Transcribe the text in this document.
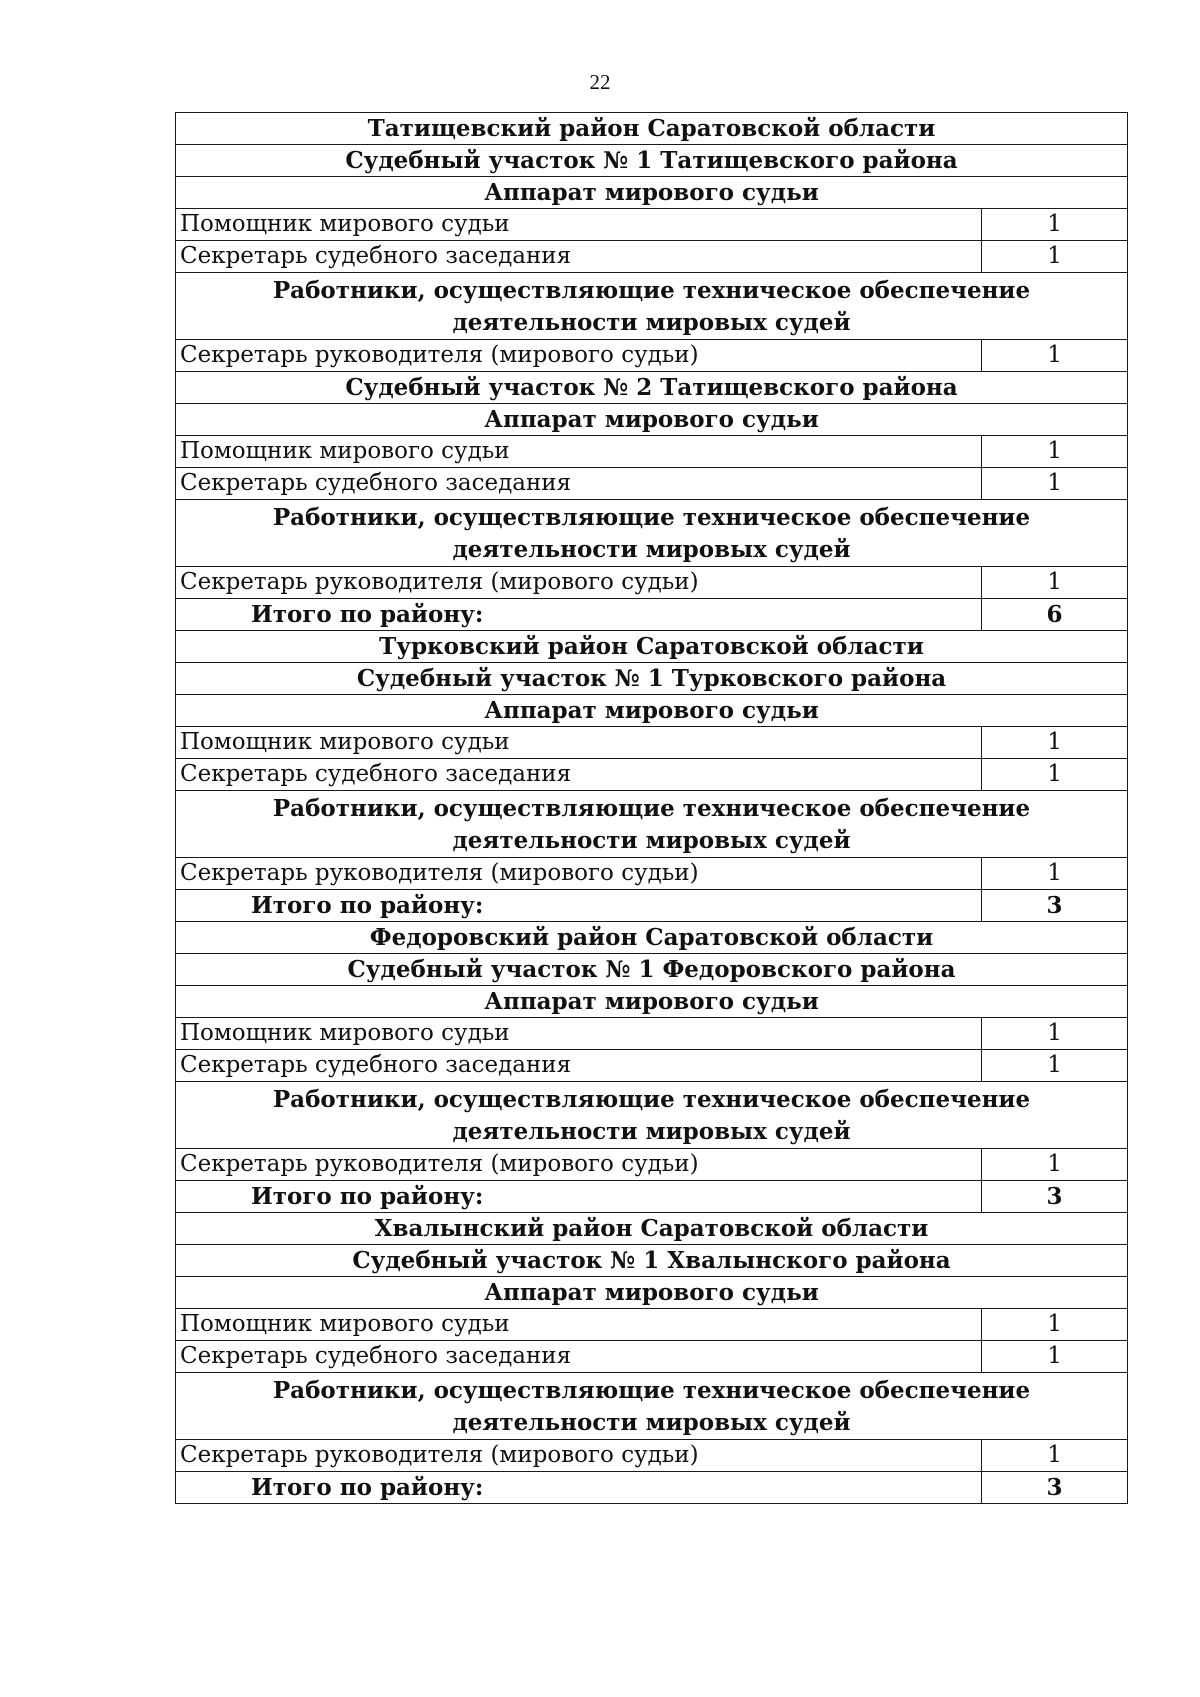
22
Татищевский район Саратовской области	
Судебный участок № 1 Татищевского района	
Аппарат мирового судьи	
Помощник мирового судьи	1
Секретарь судебного заседания	1
Работники, осуществляющие техническое обеспечение деятельности мировых судей	
Секретарь руководителя (мирового судьи)	1
Судебный участок № 2 Татищевского района	
Аппарат мирового судьи	
Помощник мирового судьи	1
Секретарь судебного заседания	1
Работники, осуществляющие техническое обеспечение деятельности мировых судей	
Секретарь руководителя (мирового судьи)	1
Итого по району:	6
Турковский район Саратовской области	
Судебный участок № 1 Турковского района	
Аппарат мирового судьи	
Помощник мирового судьи	1
Секретарь судебного заседания	1
Работники, осуществляющие техническое обеспечение деятельности мировых судей	
Секретарь руководителя (мирового судьи)	1
Итого по району:	3
Федоровский район Саратовской области	
Судебный участок № 1 Федоровского района	
Аппарат мирового судьи	
Помощник мирового судьи	1
Секретарь судебного заседания	1
Работники, осуществляющие техническое обеспечение деятельности мировых судей	
Секретарь руководителя (мирового судьи)	1
Итого по району:	3
Хвалынский район Саратовской области	
Судебный участок № 1 Хвалынского района	
Аппарат мирового судьи	
Помощник мирового судьи	1
Секретарь судебного заседания	1
Работники, осуществляющие техническое обеспечение деятельности мировых судей	
Секретарь руководителя (мирового судьи)	1
Итого по району:	3
